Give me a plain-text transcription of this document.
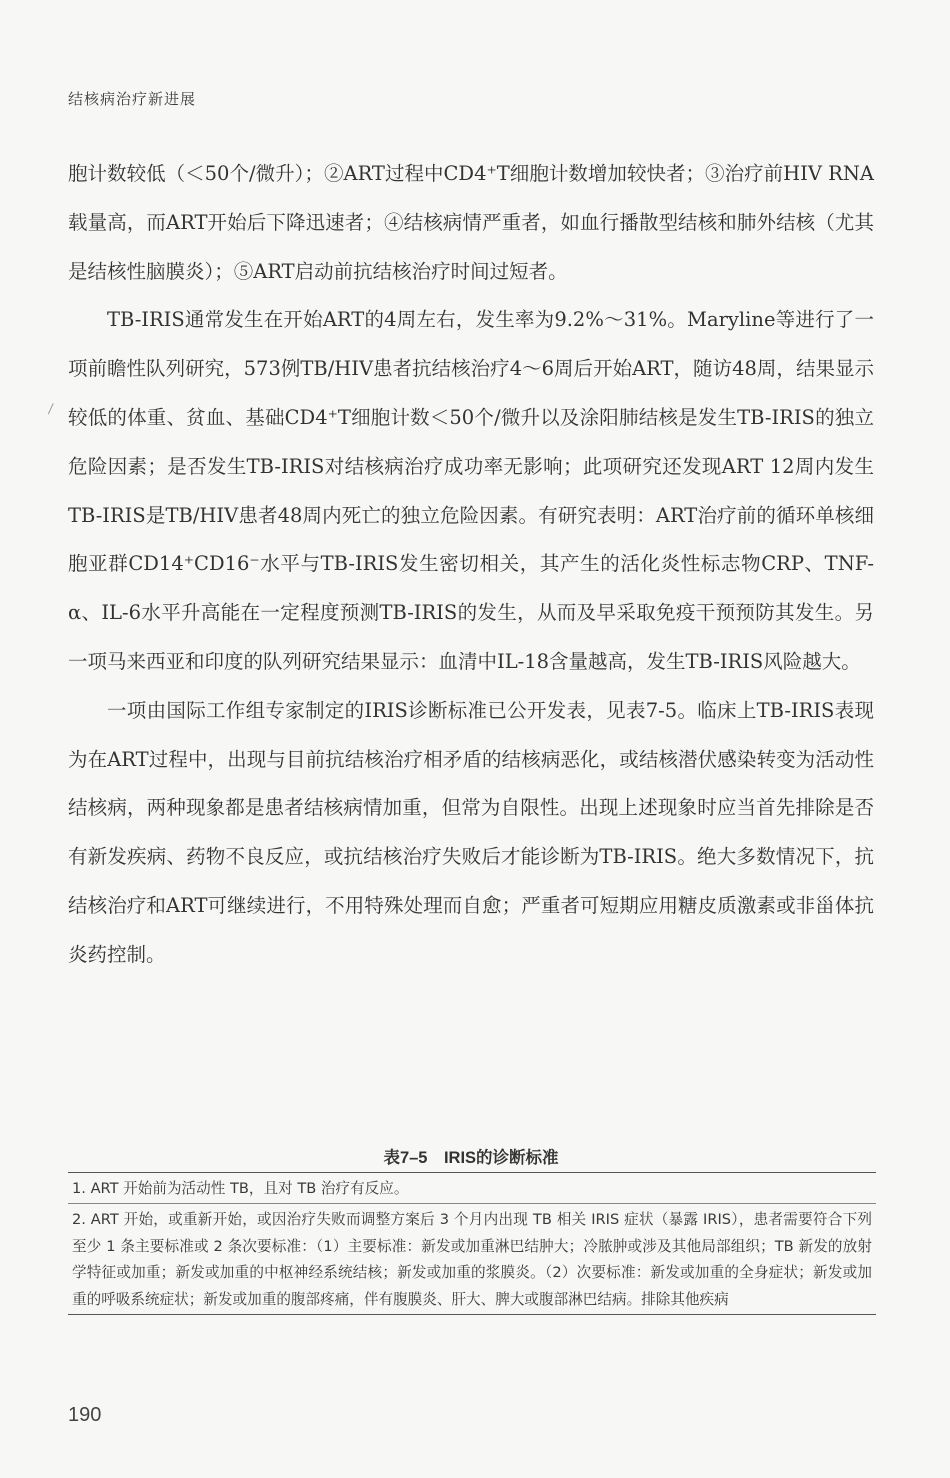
结核病治疗新进展

胞计数较低（＜50个/微升）；②ART过程中CD4⁺T细胞计数增加较快者；③治疗前HIV RNA载量高，而ART开始后下降迅速者；④结核病情严重者，如血行播散型结核和肺外结核（尤其是结核性脑膜炎）；⑤ART启动前抗结核治疗时间过短者。

TB-IRIS通常发生在开始ART的4周左右，发生率为9.2%～31%。Maryline等进行了一项前瞻性队列研究，573例TB/HIV患者抗结核治疗4～6周后开始ART，随访48周，结果显示较低的体重、贫血、基础CD4⁺T细胞计数＜50个/微升以及涂阳肺结核是发生TB-IRIS的独立危险因素；是否发生TB-IRIS对结核病治疗成功率无影响；此项研究还发现ART 12周内发生TB-IRIS是TB/HIV患者48周内死亡的独立危险因素。有研究表明：ART治疗前的循环单核细胞亚群CD14⁺CD16⁻水平与TB-IRIS发生密切相关，其产生的活化炎性标志物CRP、TNF-α、IL-6水平升高能在一定程度预测TB-IRIS的发生，从而及早采取免疫干预预防其发生。另一项马来西亚和印度的队列研究结果显示：血清中IL-18含量越高，发生TB-IRIS风险越大。

一项由国际工作组专家制定的IRIS诊断标准已公开发表，见表7-5。临床上TB-IRIS表现为在ART过程中，出现与目前抗结核治疗相矛盾的结核病恶化，或结核潜伏感染转变为活动性结核病，两种现象都是患者结核病情加重，但常为自限性。出现上述现象时应当首先排除是否有新发疾病、药物不良反应，或抗结核治疗失败后才能诊断为TB-IRIS。绝大多数情况下，抗结核治疗和ART可继续进行，不用特殊处理而自愈；严重者可短期应用糖皮质激素或非甾体抗炎药控制。

表7–5　IRIS的诊断标准
1. ART 开始前为活动性 TB，且对 TB 治疗有反应。
2. ART 开始，或重新开始，或因治疗失败而调整方案后 3 个月内出现 TB 相关 IRIS 症状（暴露 IRIS），患者需要符合下列至少 1 条主要标准或 2 条次要标准：（1）主要标准：新发或加重淋巴结肿大；冷脓肿或涉及其他局部组织；TB 新发的放射学特征或加重；新发或加重的中枢神经系统结核；新发或加重的浆膜炎。（2）次要标准：新发或加重的全身症状；新发或加重的呼吸系统症状；新发或加重的腹部疼痛，伴有腹膜炎、肝大、脾大或腹部淋巴结病。排除其他疾病
190
